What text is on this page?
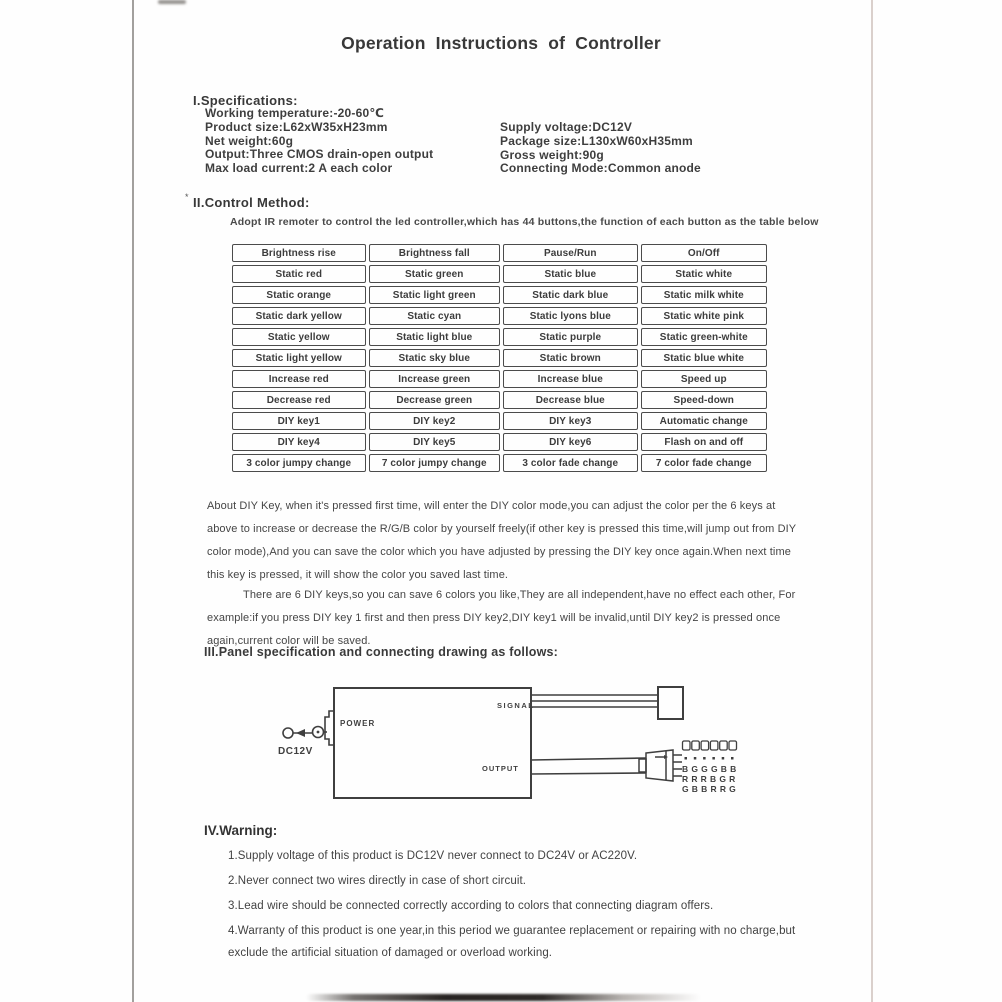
Operation Instructions of Controller
I.Specifications:
Working temperature:-20-60℃
Product size:L62xW35xH23mm
Net weight:60g
Output:Three CMOS drain-open output
Max load current:2 A each color
Supply voltage:DC12V
Package size:L130xW60xH35mm
Gross weight:90g
Connecting Mode:Common anode
* II.Control Method:
Adopt IR remoter to control the led controller,which has 44 buttons,the function of each button as the table below
Brightness rise	Brightness fall	Pause/Run	On/Off
Static red	Static green	Static blue	Static white
Static orange	Static light green	Static dark blue	Static milk white
Static dark yellow	Static cyan	Static lyons blue	Static white pink
Static yellow	Static light blue	Static purple	Static green-white
Static light yellow	Static sky blue	Static brown	Static blue white
Increase red	Increase green	Increase blue	Speed up
Decrease red	Decrease green	Decrease blue	Speed-down
DIY key1	DIY key2	DIY key3	Automatic change
DIY key4	DIY key5	DIY key6	Flash on and off
3 color jumpy change	7 color jumpy change	3 color fade change	7 color fade change

About DIY Key, when it's pressed first time, will enter the DIY color mode,you can adjust the color per the 6 keys at above to increase or decrease the R/G/B color by yourself freely(if other key is pressed this time,will jump out from DIY color mode),And you can save the color which you have adjusted by pressing the DIY key once again.When next time this key is pressed, it will show the color you saved last time.

There are 6 DIY keys,so you can save 6 colors you like,They are all independent,have no effect each other, For example:if you press DIY key 1 first and then press DIY key2,DIY key1 will be invalid,until DIY key2 is pressed once again,current color will be saved.

III.Panel specification and connecting drawing as follows:
POWER
DC12V
SIGNAL
OUTPUT	BGGGBB
RRRBGR
GBBRRG
IV.Warning:
1.Supply voltage of this product is DC12V never connect to DC24V or AC220V.
2.Never connect two wires directly in case of short circuit.
3.Lead wire should be connected correctly according to colors that connecting diagram offers.
4.Warranty of this product is one year,in this period we guarantee replacement or repairing with no charge,but exclude the artificial situation of damaged or overload working.
